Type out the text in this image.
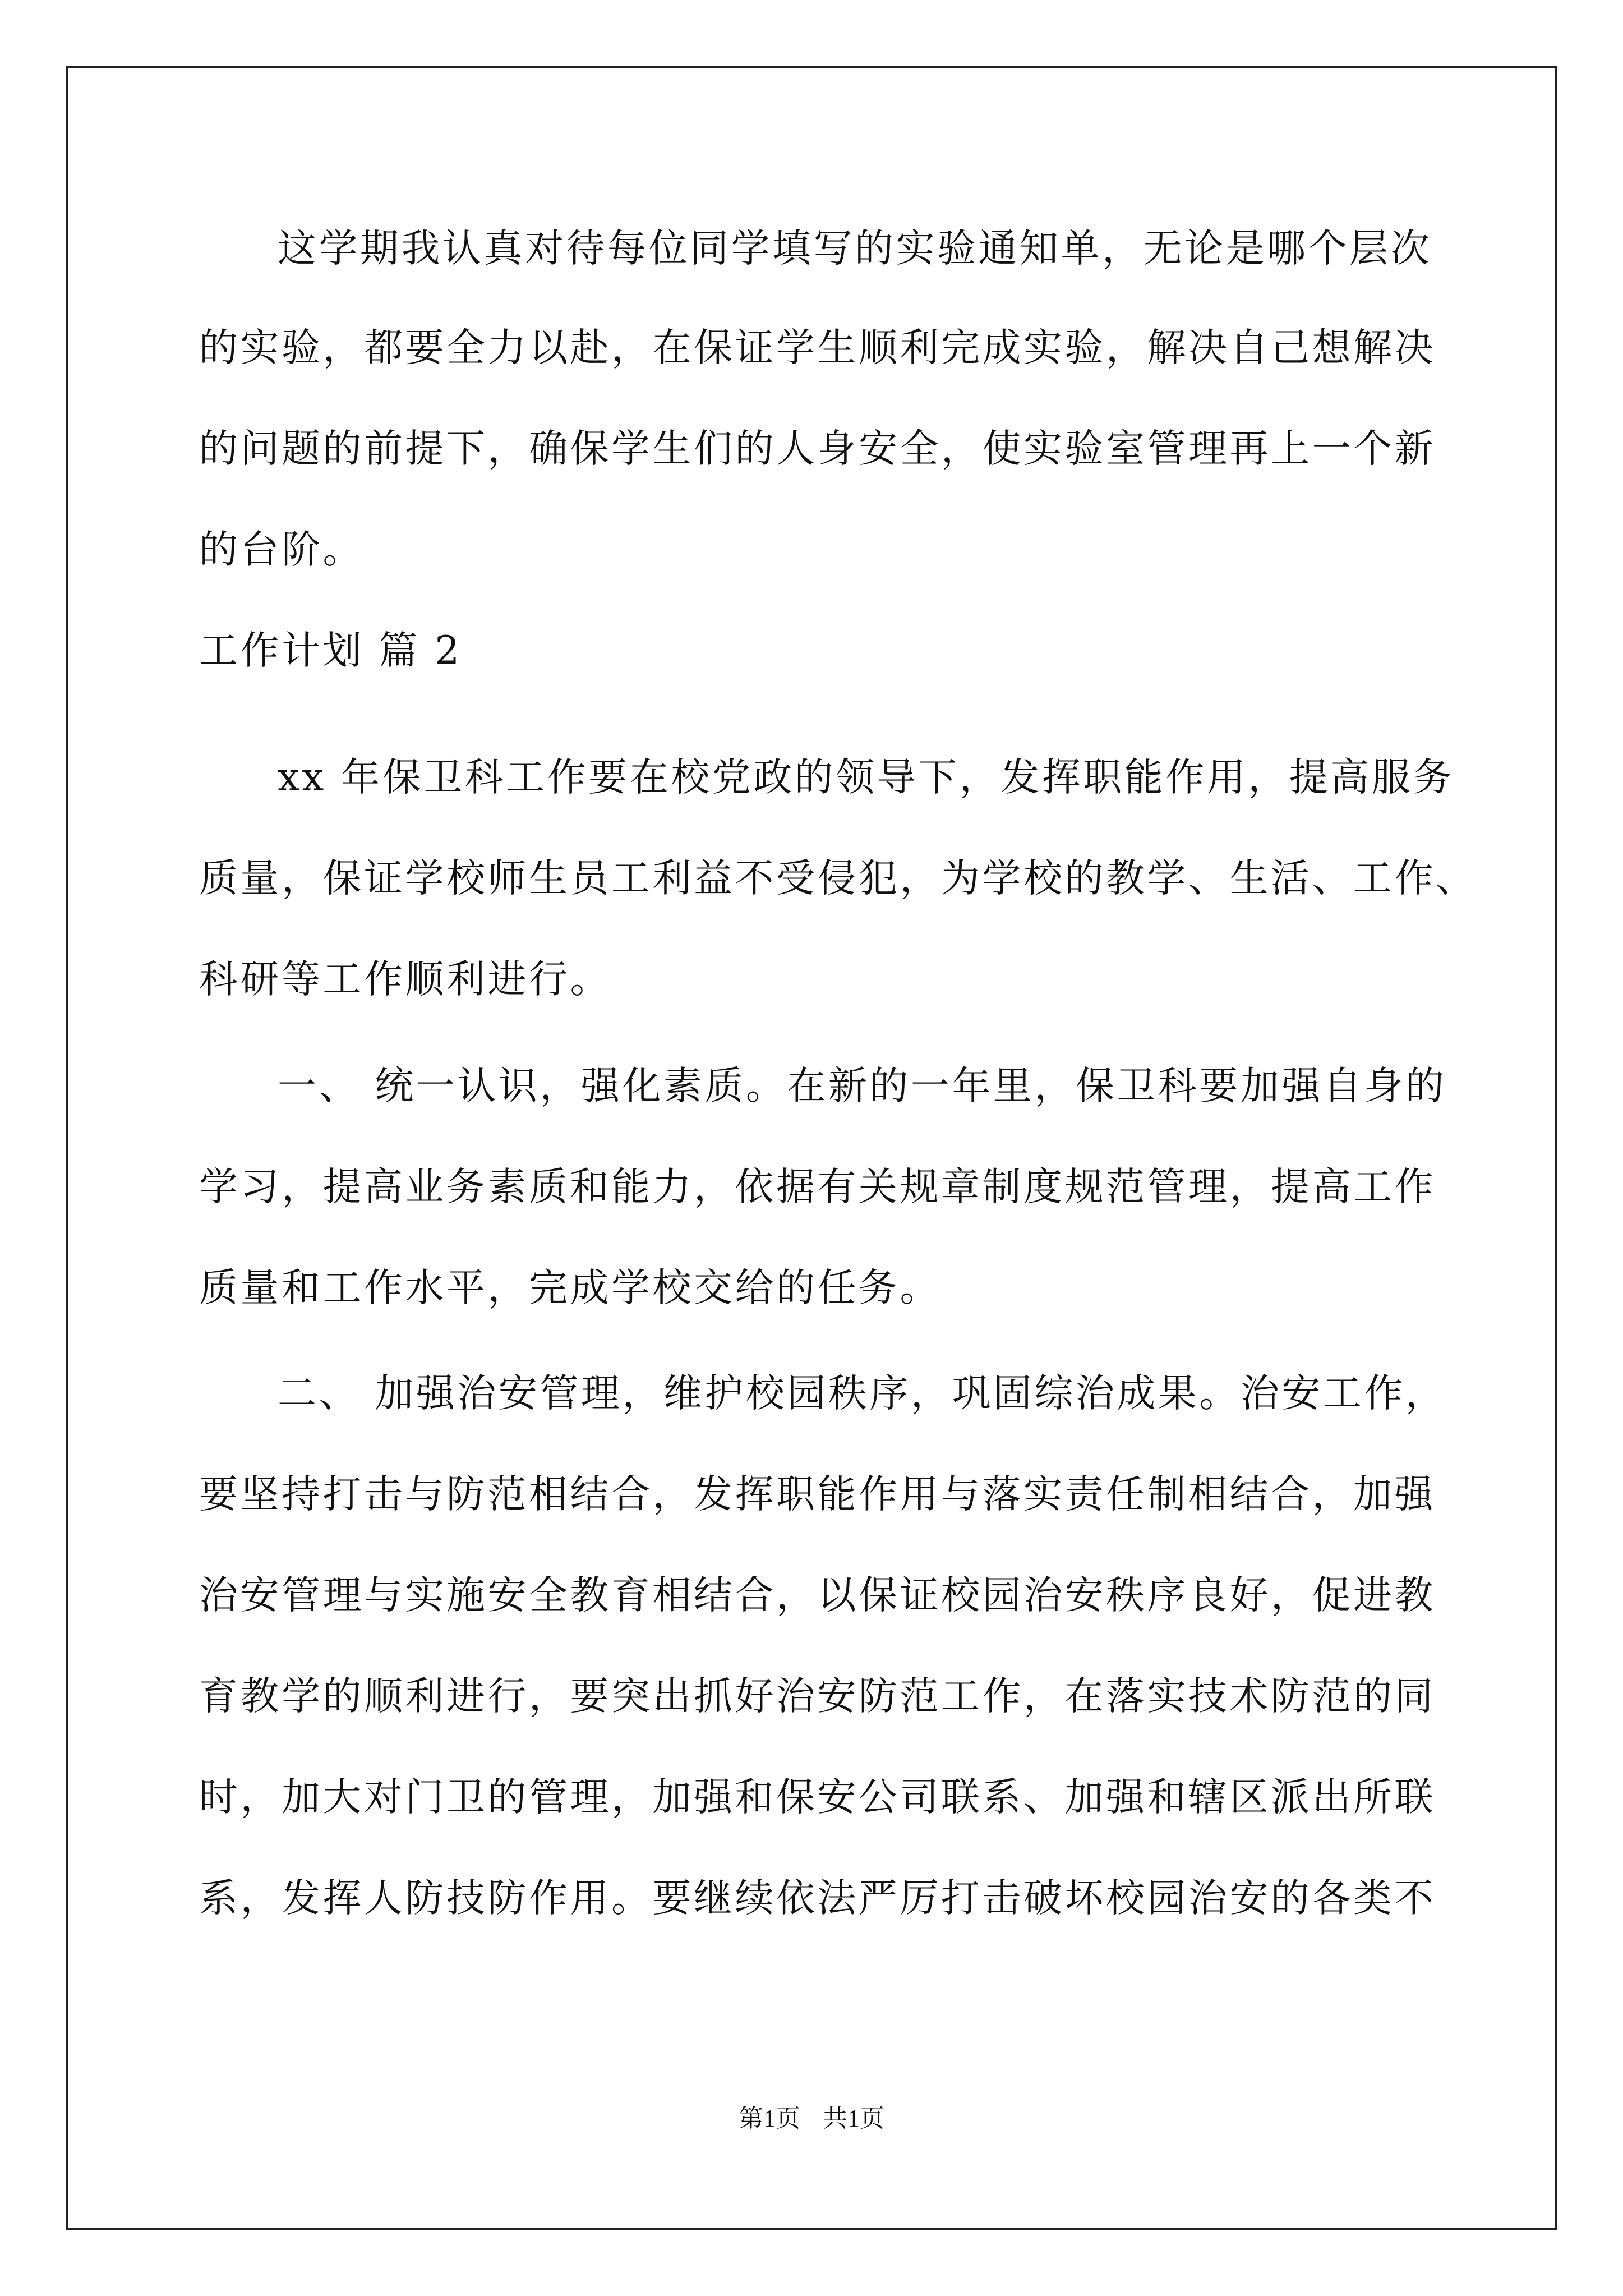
这学期我认真对待每位同学填写的实验通知单，无论是哪个层次
的实验，都要全力以赴，在保证学生顺利完成实验，解决自己想解决
的问题的前提下，确保学生们的人身安全，使实验室管理再上一个新
的台阶。
工作计划 篇 2
xx 年保卫科工作要在校党政的领导下，发挥职能作用，提高服务
质量，保证学校师生员工利益不受侵犯，为学校的教学、生活、工作、
科研等工作顺利进行。
一、 统一认识，强化素质。在新的一年里，保卫科要加强自身的
学习，提高业务素质和能力，依据有关规章制度规范管理，提高工作
质量和工作水平，完成学校交给的任务。
二、 加强治安管理，维护校园秩序，巩固综治成果。治安工作，
要坚持打击与防范相结合，发挥职能作用与落实责任制相结合，加强
治安管理与实施安全教育相结合，以保证校园治安秩序良好，促进教
育教学的顺利进行，要突出抓好治安防范工作，在落实技术防范的同
时，加大对门卫的管理，加强和保安公司联系、加强和辖区派出所联
系，发挥人防技防作用。要继续依法严厉打击破坏校园治安的各类不
第1页 共1页
